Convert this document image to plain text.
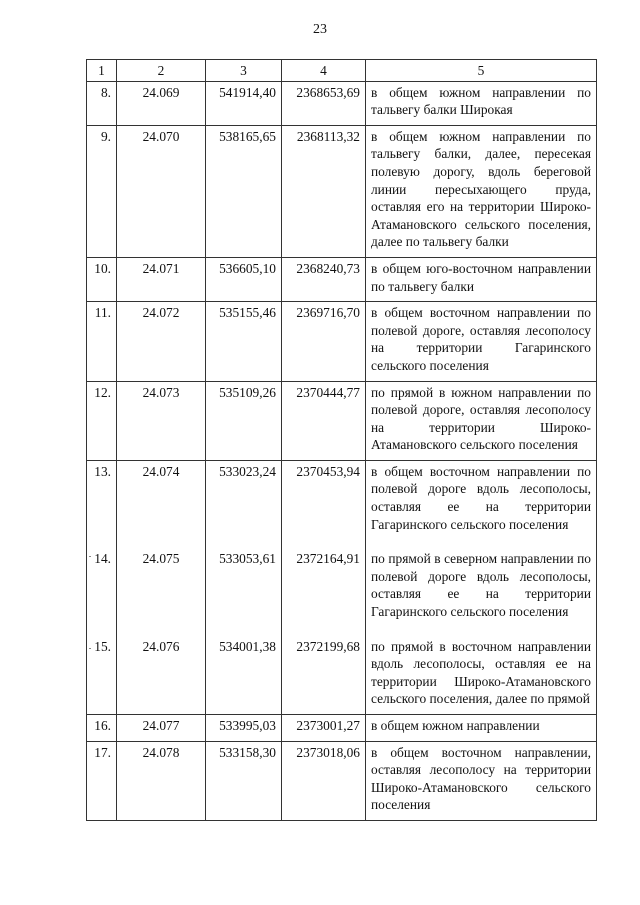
23
1	2	3	4	5
8.	24.069	541914,40	2368653,69	в общем южном направлении по тальвегу балки Широкая
9.	24.070	538165,65	2368113,32	в общем южном направлении по тальвегу балки, далее, пересекая полевую дорогу, вдоль береговой линии пересыхающего пруда, оставляя его на территории Широко-Атамановского сельского поселения, далее по тальвегу балки
10.	24.071	536605,10	2368240,73	в общем юго-восточном направлении по тальвегу балки
11.	24.072	535155,46	2369716,70	в общем восточном направлении по полевой дороге, оставляя лесополосу на территории Гагаринского сельского поселения
12.	24.073	535109,26	2370444,77	по прямой в южном направлении по полевой дороге, оставляя лесополосу на территории Широко-Атамановского сельского поселения
13.	24.074	533023,24	2370453,94	в общем восточном направлении по полевой дороге вдоль лесополосы, оставляя ее на территории Гагаринского сельского поселения
14.	24.075	533053,61	2372164,91	по прямой в северном направлении по полевой дороге вдоль лесополосы, оставляя ее на территории Гагаринского сельского поселения
15.	24.076	534001,38	2372199,68	по прямой в восточном направлении вдоль лесополосы, оставляя ее на территории Широко-Атамановского сельского поселения, далее по прямой
16.	24.077	533995,03	2373001,27	в общем южном направлении
17.	24.078	533158,30	2373018,06	в общем восточном направлении, оставляя лесополосу на территории Широко-Атамановского сельского поселения
